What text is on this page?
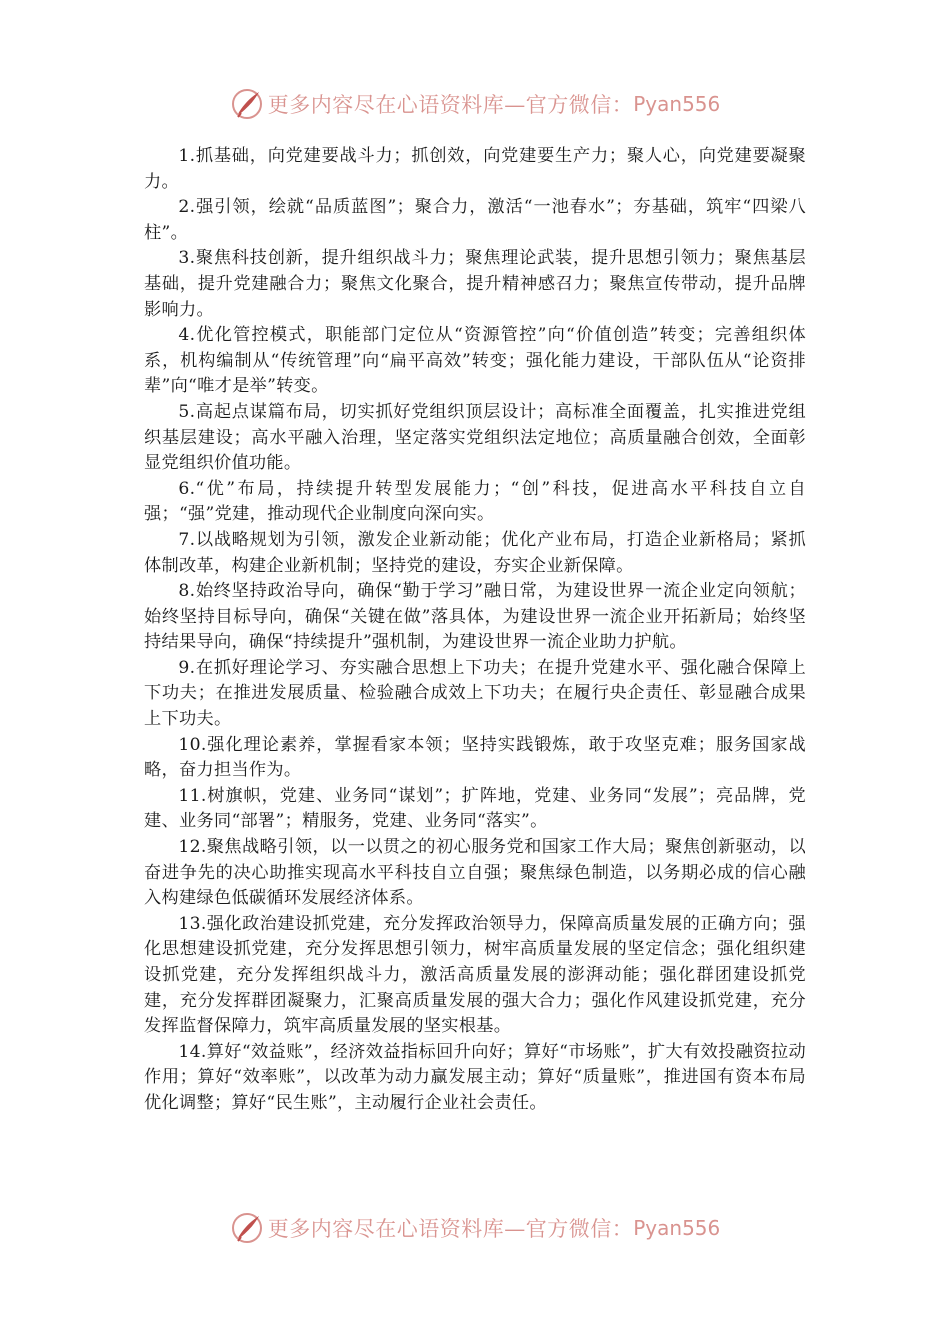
更多内容尽在心语资料库—官方微信： Pyan556

1.抓基础，向党建要战斗力；抓创效，向党建要生产力；聚人心，向党建要凝聚力。

2.强引领，绘就“品质蓝图”；聚合力，激活“一池春水”；夯基础，筑牢“四梁八柱”。

3.聚焦科技创新，提升组织战斗力；聚焦理论武装，提升思想引领力；聚焦基层基础，提升党建融合力；聚焦文化聚合，提升精神感召力；聚焦宣传带动，提升品牌影响力。

4.优化管控模式，职能部门定位从“资源管控”向“价值创造”转变；完善组织体系，机构编制从“传统管理”向“扁平高效”转变；强化能力建设，干部队伍从“论资排辈”向“唯才是举”转变。

5.高起点谋篇布局，切实抓好党组织顶层设计；高标准全面覆盖，扎实推进党组织基层建设；高水平融入治理，坚定落实党组织法定地位；高质量融合创效，全面彰显党组织价值功能。

6.“优”布局，持续提升转型发展能力；“创”科技，促进高水平科技自立自强；“强”党建，推动现代企业制度向深向实。

7.以战略规划为引领，激发企业新动能；优化产业布局，打造企业新格局；紧抓体制改革，构建企业新机制；坚持党的建设，夯实企业新保障。

8.始终坚持政治导向，确保“勤于学习”融日常，为建设世界一流企业定向领航；始终坚持目标导向，确保“关键在做”落具体，为建设世界一流企业开拓新局；始终坚持结果导向，确保“持续提升”强机制，为建设世界一流企业助力护航。

9.在抓好理论学习、夯实融合思想上下功夫；在提升党建水平、强化融合保障上下功夫；在推进发展质量、检验融合成效上下功夫；在履行央企责任、彰显融合成果上下功夫。

10.强化理论素养，掌握看家本领；坚持实践锻炼，敢于攻坚克难；服务国家战略，奋力担当作为。

11.树旗帜，党建、业务同“谋划”；扩阵地，党建、业务同“发展”；亮品牌，党建、业务同“部署”；精服务，党建、业务同“落实”。

12.聚焦战略引领，以一以贯之的初心服务党和国家工作大局；聚焦创新驱动，以奋进争先的决心助推实现高水平科技自立自强；聚焦绿色制造，以务期必成的信心融入构建绿色低碳循环发展经济体系。

13.强化政治建设抓党建，充分发挥政治领导力，保障高质量发展的正确方向；强化思想建设抓党建，充分发挥思想引领力，树牢高质量发展的坚定信念；强化组织建设抓党建，充分发挥组织战斗力，激活高质量发展的澎湃动能；强化群团建设抓党建，充分发挥群团凝聚力，汇聚高质量发展的强大合力；强化作风建设抓党建，充分发挥监督保障力，筑牢高质量发展的坚实根基。

14.算好“效益账”，经济效益指标回升向好；算好“市场账”，扩大有效投融资拉动作用；算好“效率账”，以改革为动力赢发展主动；算好“质量账”，推进国有资本布局优化调整；算好“民生账”，主动履行企业社会责任。

更多内容尽在心语资料库—官方微信： Pyan556
